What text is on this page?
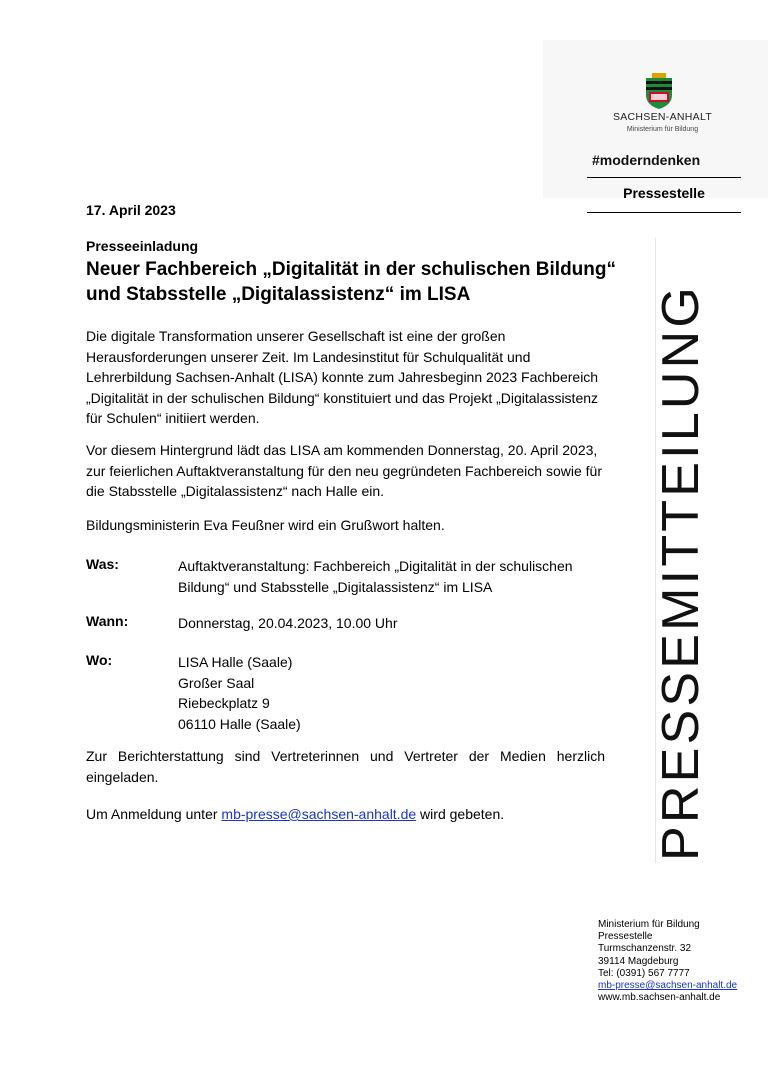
SACHSEN-ANHALT
Ministerium für Bildung
#moderndenken
Pressestelle
PRESSEMITTEILUNG
17. April 2023
Presseeinladung
Neuer Fachbereich „Digitalität in der schulischen Bildung“ und Stabsstelle „Digitalassistenz“ im LISA

Die digitale Transformation unserer Gesellschaft ist eine der großen Herausforderungen unserer Zeit. Im Landesinstitut für Schulqualität und Lehrerbildung Sachsen-Anhalt (LISA) konnte zum Jahresbeginn 2023 Fachbereich „Digitalität in der schulischen Bildung“ konstituiert und das Projekt „Digitalassistenz für Schulen“ initiiert werden.

Vor diesem Hintergrund lädt das LISA am kommenden Donnerstag, 20. April 2023, zur feierlichen Auftaktveranstaltung für den neu gegründeten Fachbereich sowie für die Stabsstelle „Digitalassistenz“ nach Halle ein.

Bildungsministerin Eva Feußner wird ein Grußwort halten.

Was:	Auftaktveranstaltung: Fachbereich „Digitalität in der schulischen Bildung“ und Stabsstelle „Digitalassistenz“ im LISA

Wann:	Donnerstag, 20.04.2023, 10.00 Uhr

Wo:	LISA Halle (Saale)
Großer Saal
Riebeckplatz 9
06110 Halle (Saale)

Zur Berichterstattung sind Vertreterinnen und Vertreter der Medien herzlich eingeladen.

Um Anmeldung unter mb-presse@sachsen-anhalt.de wird gebeten.

Ministerium für Bildung
Pressestelle
Turmschanzenstr. 32
39114 Magdeburg
Tel: (0391) 567 7777
mb-presse@sachsen-anhalt.de
www.mb.sachsen-anhalt.de
